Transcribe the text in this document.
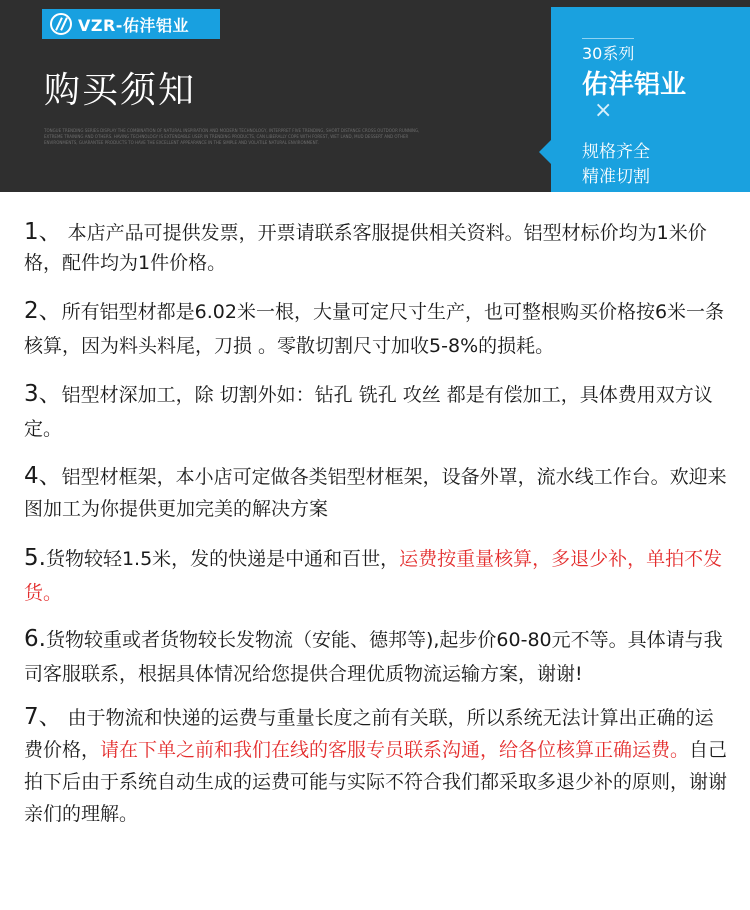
VZR-佑沣铝业
购买须知
TONGUE TRENDING SERIES DISPLAY THE COMBINATION OF NATURAL INSPIRATION AND MODERN TECHNOLOGY, INTERPRET FIVE TRENDING, SHORT DISTANCE CROSS OUTDOOR RUNNING, EXTREME TRAINING AND OTHERS. HAVING TECHNOLOGY IS EXTENDABLE USER IN TRENDING PRODUCTS, CAN LIBERALLY COPE WITH FOREST, WET LAND, MUD DESSERT AND OTHER ENVIRONMENTS, GUARANTEE PRODUCTS TO HAVE THE EXCELLENT APPEARANCE IN THE SIMPLE AND VOLATILE NATURAL ENVIRONMENT.
30系列
佑沣铝业
×
规格齐全
精准切割
1、 本店产品可提供发票，开票请联系客服提供相关资料。铝型材标价均为1米价格，配件均为1件价格。
2、所有铝型材都是6.02米一根，大量可定尺寸生产，也可整根购买价格按6米一条核算，因为料头料尾，刀损 。零散切割尺寸加收5-8%的损耗。
3、铝型材深加工，除 切割外如：钻孔 铣孔 攻丝 都是有偿加工，具体费用双方议定。
4、铝型材框架，本小店可定做各类铝型材框架，设备外罩，流水线工作台。欢迎来图加工为你提供更加完美的解决方案
5.货物较轻1.5米，发的快递是中通和百世，运费按重量核算，多退少补，单拍不发货。
6.货物较重或者货物较长发物流（安能、德邦等),起步价60-80元不等。具体请与我司客服联系，根据具体情况给您提供合理优质物流运输方案，谢谢!
7、 由于物流和快递的运费与重量长度之前有关联，所以系统无法计算出正确的运费价格，请在下单之前和我们在线的客服专员联系沟通，给各位核算正确运费。自己拍下后由于系统自动生成的运费可能与实际不符合我们都采取多退少补的原则，谢谢亲们的理解。
